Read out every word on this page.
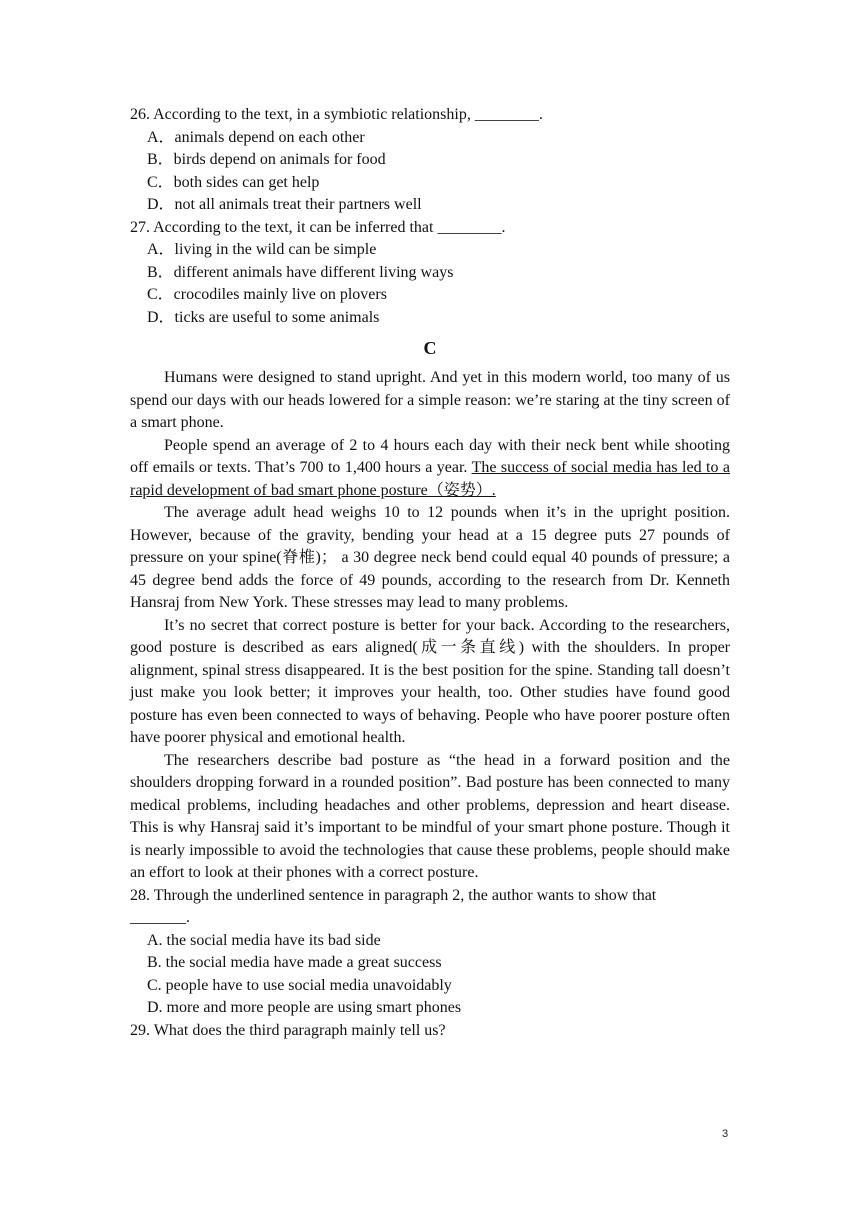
26. According to the text, in a symbiotic relationship, ________.
A．animals depend on each other
B．birds depend on animals for food
C．both sides can get help
D．not all animals treat their partners well
27. According to the text, it can be inferred that ________.
A．living in the wild can be simple
B．different animals have different living ways
C．crocodiles mainly live on plovers
D．ticks are useful to some animals
C

Humans were designed to stand upright. And yet in this modern world, too many of us spend our days with our heads lowered for a simple reason: we’re staring at the tiny screen of a smart phone.

People spend an average of 2 to 4 hours each day with their neck bent while shooting off emails or texts. That’s 700 to 1,400 hours a year. The success of social media has led to a rapid development of bad smart phone posture（姿势）.

The average adult head weighs 10 to 12 pounds when it’s in the upright position. However, because of the gravity, bending your head at a 15 degree puts 27 pounds of pressure on your spine(脊椎)； a 30 degree neck bend could equal 40 pounds of pressure; a 45 degree bend adds the force of 49 pounds, according to the research from Dr. Kenneth Hansraj from New York. These stresses may lead to many problems.

It’s no secret that correct posture is better for your back. According to the researchers, good posture is described as ears aligned(成一条直线) with the shoulders. In proper alignment, spinal stress disappeared. It is the best position for the spine. Standing tall doesn’t just make you look better; it improves your health, too. Other studies have found good posture has even been connected to ways of behaving. People who have poorer posture often have poorer physical and emotional health.

The researchers describe bad posture as “the head in a forward position and the shoulders dropping forward in a rounded position”. Bad posture has been connected to many medical problems, including headaches and other problems, depression and heart disease. This is why Hansraj said it’s important to be mindful of your smart phone posture. Though it is nearly impossible to avoid the technologies that cause these problems, people should make an effort to look at their phones with a correct posture.

28. Through the underlined sentence in paragraph 2, the author wants to show that
_______.
A. the social media have its bad side
B. the social media have made a great success
C. people have to use social media unavoidably
D. more and more people are using smart phones
29. What does the third paragraph mainly tell us?
3
